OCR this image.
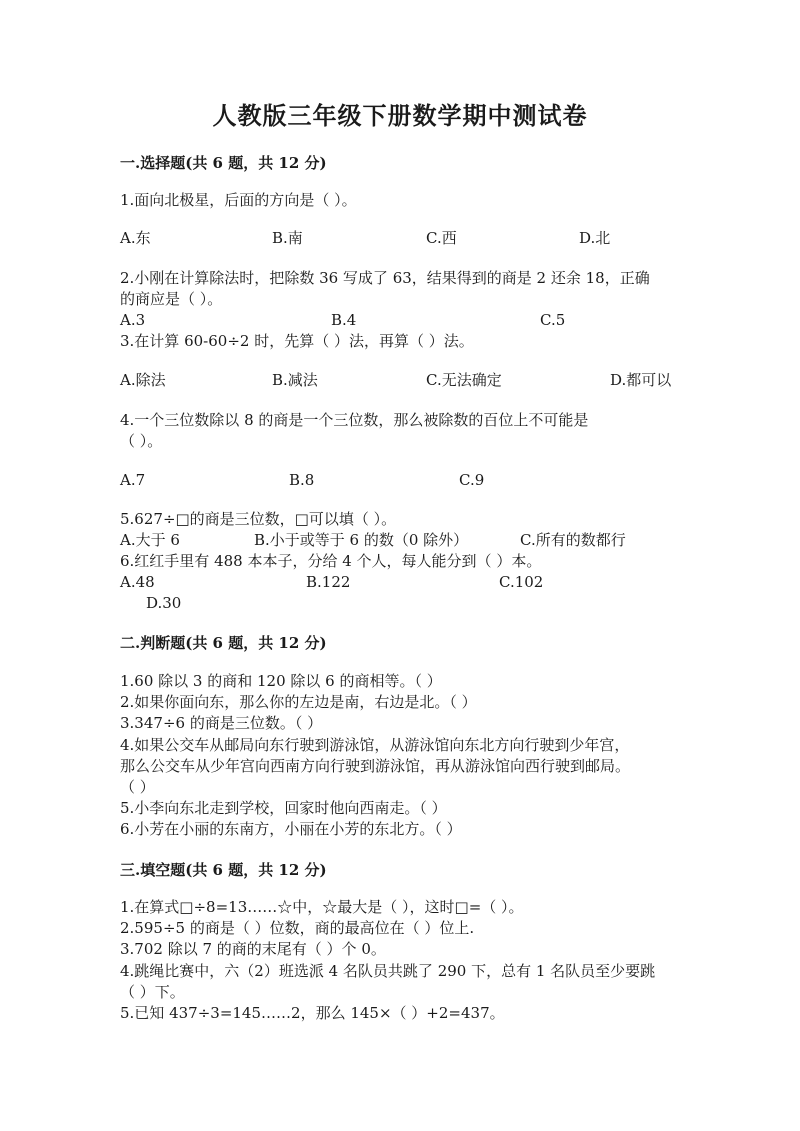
人教版三年级下册数学期中测试卷
一.选择题(共 6 题，共 12 分)
1.面向北极星，后面的方向是（ ）。
A.东	B.南	C.西	D.北
2.小刚在计算除法时，把除数 36 写成了 63，结果得到的商是 2 还余 18，正确
的商应是（ ）。
A.3	B.4	C.5
3.在计算 60-60÷2 时，先算（ ）法，再算（ ）法。
A.除法	B.减法	C.无法确定	D.都可以
4.一个三位数除以 8 的商是一个三位数，那么被除数的百位上不可能是
（ ）。
A.7	B.8	C.9
5.627÷□的商是三位数，□可以填（ ）。
A.大于 6	B.小于或等于 6 的数（0 除外）	C.所有的数都行
6.红红手里有 488 本本子，分给 4 个人，每人能分到（ ）本。
A.48	B.122	C.102
D.30
二.判断题(共 6 题，共 12 分)
1.60 除以 3 的商和 120 除以 6 的商相等。（ ）
2.如果你面向东，那么你的左边是南，右边是北。（ ）
3.347÷6 的商是三位数。（ ）
4.如果公交车从邮局向东行驶到游泳馆，从游泳馆向东北方向行驶到少年宫，
那么公交车从少年宫向西南方向行驶到游泳馆，再从游泳馆向西行驶到邮局。
（ ）
5.小李向东北走到学校，回家时他向西南走。（ ）
6.小芳在小丽的东南方，小丽在小芳的东北方。（ ）
三.填空题(共 6 题，共 12 分)
1.在算式□÷8=13……☆中，☆最大是（ ），这时□=（ ）。
2.595÷5 的商是（ ）位数，商的最高位在（ ）位上.
3.702 除以 7 的商的末尾有（ ）个 0。
4.跳绳比赛中，六（2）班选派 4 名队员共跳了 290 下，总有 1 名队员至少要跳
（ ）下。
5.已知 437÷3=145……2，那么 145×（ ）+2=437。
